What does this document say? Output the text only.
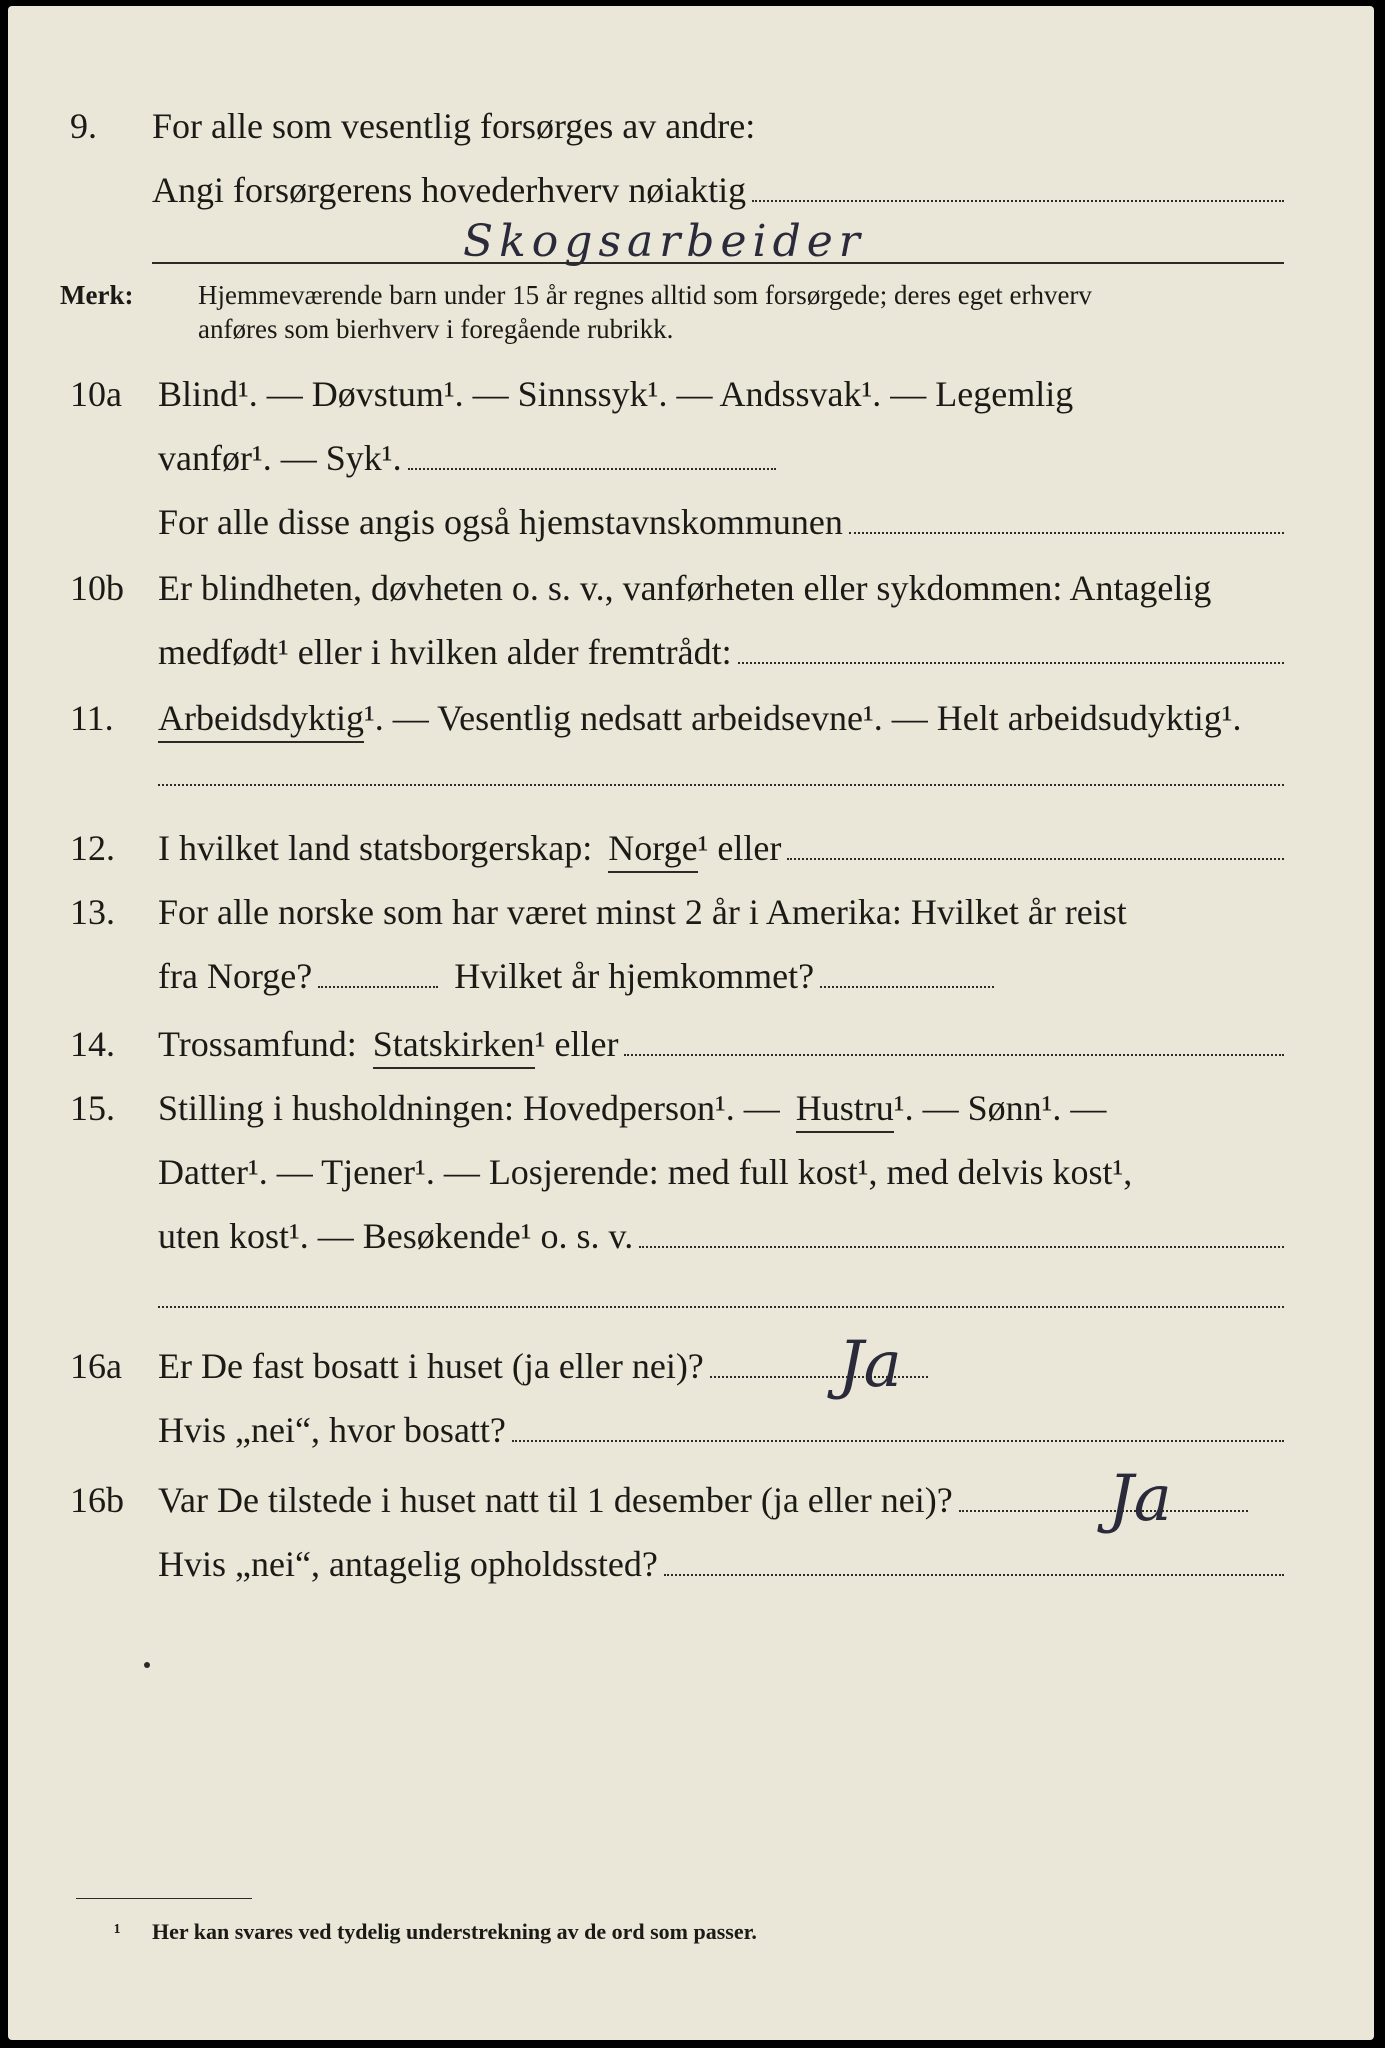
9. For alle som vesentlig forsørges av andre:
Angi forsørgerens hovederhverv nøiaktig
Skogsarbeider
Merk: Hjemmeværende barn under 15 år regnes alltid som forsørgede; deres eget erhverv
anføres som bierhverv i foregående rubrikk.
10a Blind¹. — Døvstum¹. — Sinnssyk¹. — Andssvak¹. — Legemlig
vanfør¹. — Syk¹.
For alle disse angis også hjemstavnskommunen
10b Er blindheten, døvheten o. s. v., vanførheten eller sykdommen: Antagelig
medfødt¹ eller i hvilken alder fremtrådt:
11. Arbeidsdyktig ¹. — Vesentlig nedsatt arbeidsevne¹. — Helt arbeidsudyktig¹.
12. I hvilket land statsborgerskap: Norge ¹ eller
13. For alle norske som har været minst 2 år i Amerika: Hvilket år reist
fra Norge?	Hvilket år hjemkommet?
14. Trossamfund: Statskirken ¹ eller
15. Stilling i husholdningen: Hovedperson¹. — Hustru ¹. — Sønn¹. —
Datter¹. — Tjener¹. — Losjerende: med full kost¹, med delvis kost¹,
uten kost¹. — Besøkende¹ o. s. v.
16a Er De fast bosatt i huset (ja eller nei)? Ja
Hvis „nei“, hvor bosatt?
16b Var De tilstede i huset natt til 1 desember (ja eller nei)? Ja
Hvis „nei“, antagelig opholdssted?
¹ Her kan svares ved tydelig understrekning av de ord som passer.
